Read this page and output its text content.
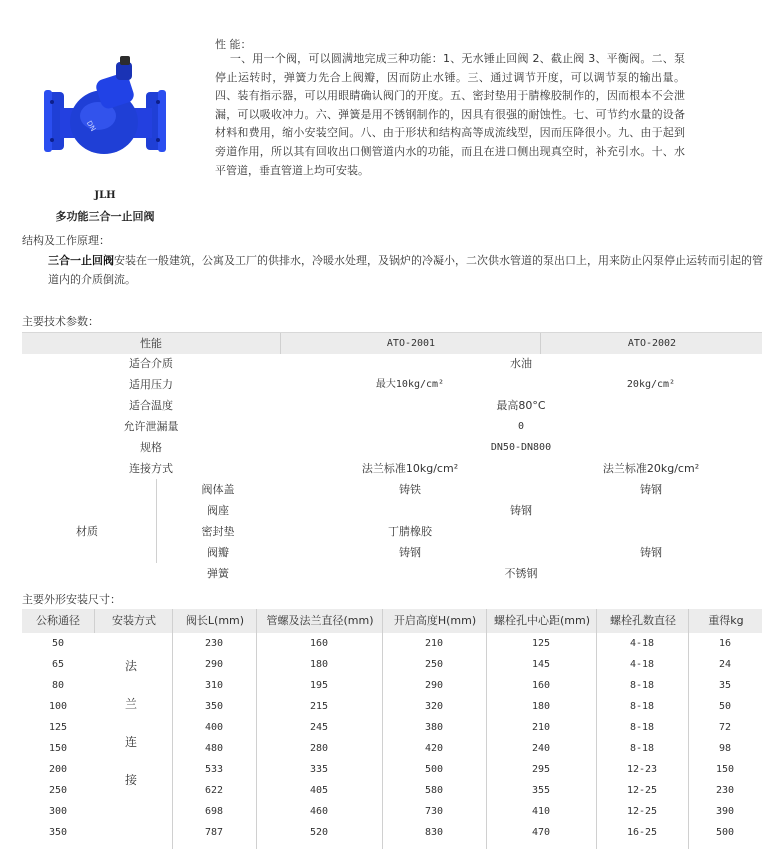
DN
JLH
多功能三合一止回阀
性 能：
一、用一个阀，可以圆满地完成三种功能：1、无水锤止回阀 2、截止阀 3、平衡阀。二、泵停止运转时，弹簧力先合上阀瓣，因而防止水锤。三、通过调节开度，可以调节泵的输出量。四、装有指示器，可以用眼睛确认阀门的开度。五、密封垫用于腈橡胶制作的，因而根本不会泄漏，可以吸收冲力。六、弹簧是用不锈钢制作的，因具有很强的耐蚀性。七、可节约水量的设备材料和费用，缩小安装空间。八、由于形状和结构高等成流线型，因而压降很小。九、由于起到旁道作用，所以其有回收出口侧管道内水的功能，而且在进口侧出现真空时，补充引水。十、水平管道，垂直管道上均可安装。
结构及工作原理：
三合一止回阀安装在一般建筑，公寓及工厂的供排水，冷暖水处理，及锅炉的冷凝小，二次供水管道的泵出口上，用来防止闪泵停止运转而引起的管道内的介质倒流。
主要技术参数：
性能	ATO-2001	ATO-2002
适合介质	水油
适用压力	最大10kg/cm²	20kg/cm²
适合温度	最高80°C
允许泄漏量	0
规格	DN50-DN800
连接方式	法兰标准10kg/cm²	法兰标准20kg/cm²
材质
阀体盖	铸铁	铸钢
阀座	铸钢
密封垫	丁腈橡胶
阀瓣	铸钢	铸钢
弹簧	不锈钢
主要外形安装尺寸：
公称通径	安装方式	阀长L(mm)	管螺及法兰直径(mm)	开启高度H(mm)	螺栓孔中心距(mm)	螺栓孔数直径	重得kg
法
兰
连
接
50	230	160	210	125	4-18	16
65	290	180	250	145	4-18	24
80	310	195	290	160	8-18	35
100	350	215	320	180	8-18	50
125	400	245	380	210	8-18	72
150	480	280	420	240	8-18	98
200	533	335	500	295	12-23	150
250	622	405	580	355	12-25	230
300	698	460	730	410	12-25	390
350	787	520	830	470	16-25	500
